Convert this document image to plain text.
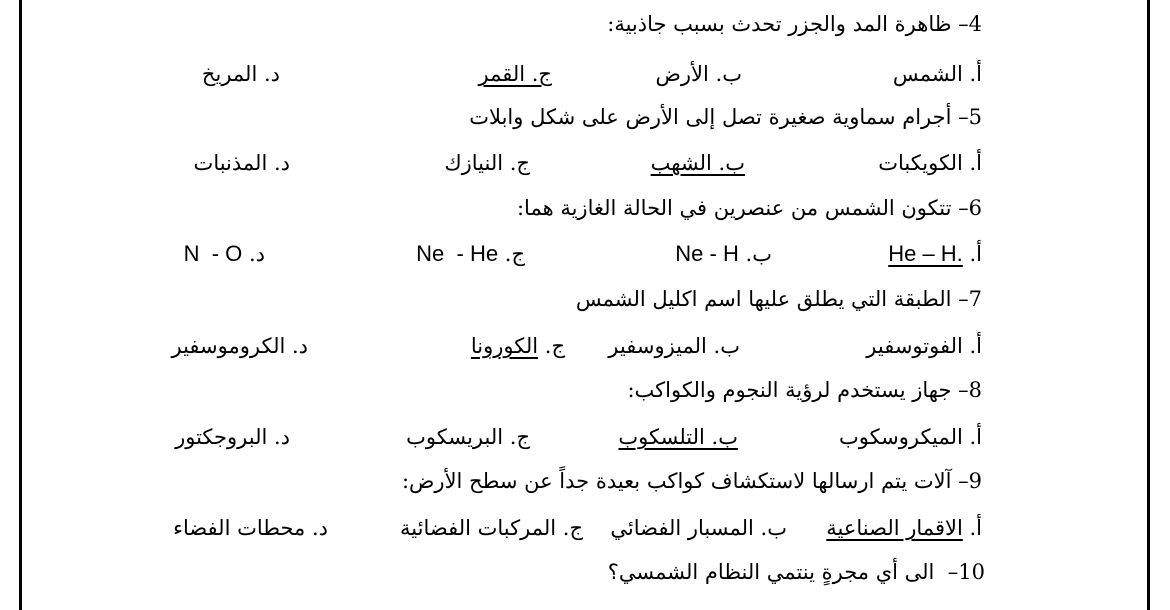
4– ظاهرة المد والجزر تحدث بسبب جاذبية:
أ. الشمس
ب. الأرض
ج. القمر
د. المريخ
5– أجرام سماوية صغيرة تصل إلى الأرض على شكل وابلات
أ. الكويكبات
ب. الشهب
ج. النيازك
د. المذنبات
6– تتكون الشمس من عنصرين في الحالة الغازية هما:
أ. He – H.
ب. Ne - H
ج. Ne  - He
د. N  - O
7– الطبقة التي يطلق عليها اسم اكليل الشمس
أ. الفوتوسفير
ب. الميزوسفير
ج. الكورونا
د. الكروموسفير
8– جهاز يستخدم لرؤية النجوم والكواكب:
أ. الميكروسكوب
ب. التلسكوب
ج. البريسكوب
د. البروجكتور
9– آلات يتم ارسالها لاستكشاف كواكب بعيدة جداً عن سطح الأرض:
أ. الاقمار الصناعية
ب. المسبار الفضائي
ج. المركبات الفضائية
د. محطات الفضاء
10–  الى أي مجرةٍ ينتمي النظام الشمسي؟
